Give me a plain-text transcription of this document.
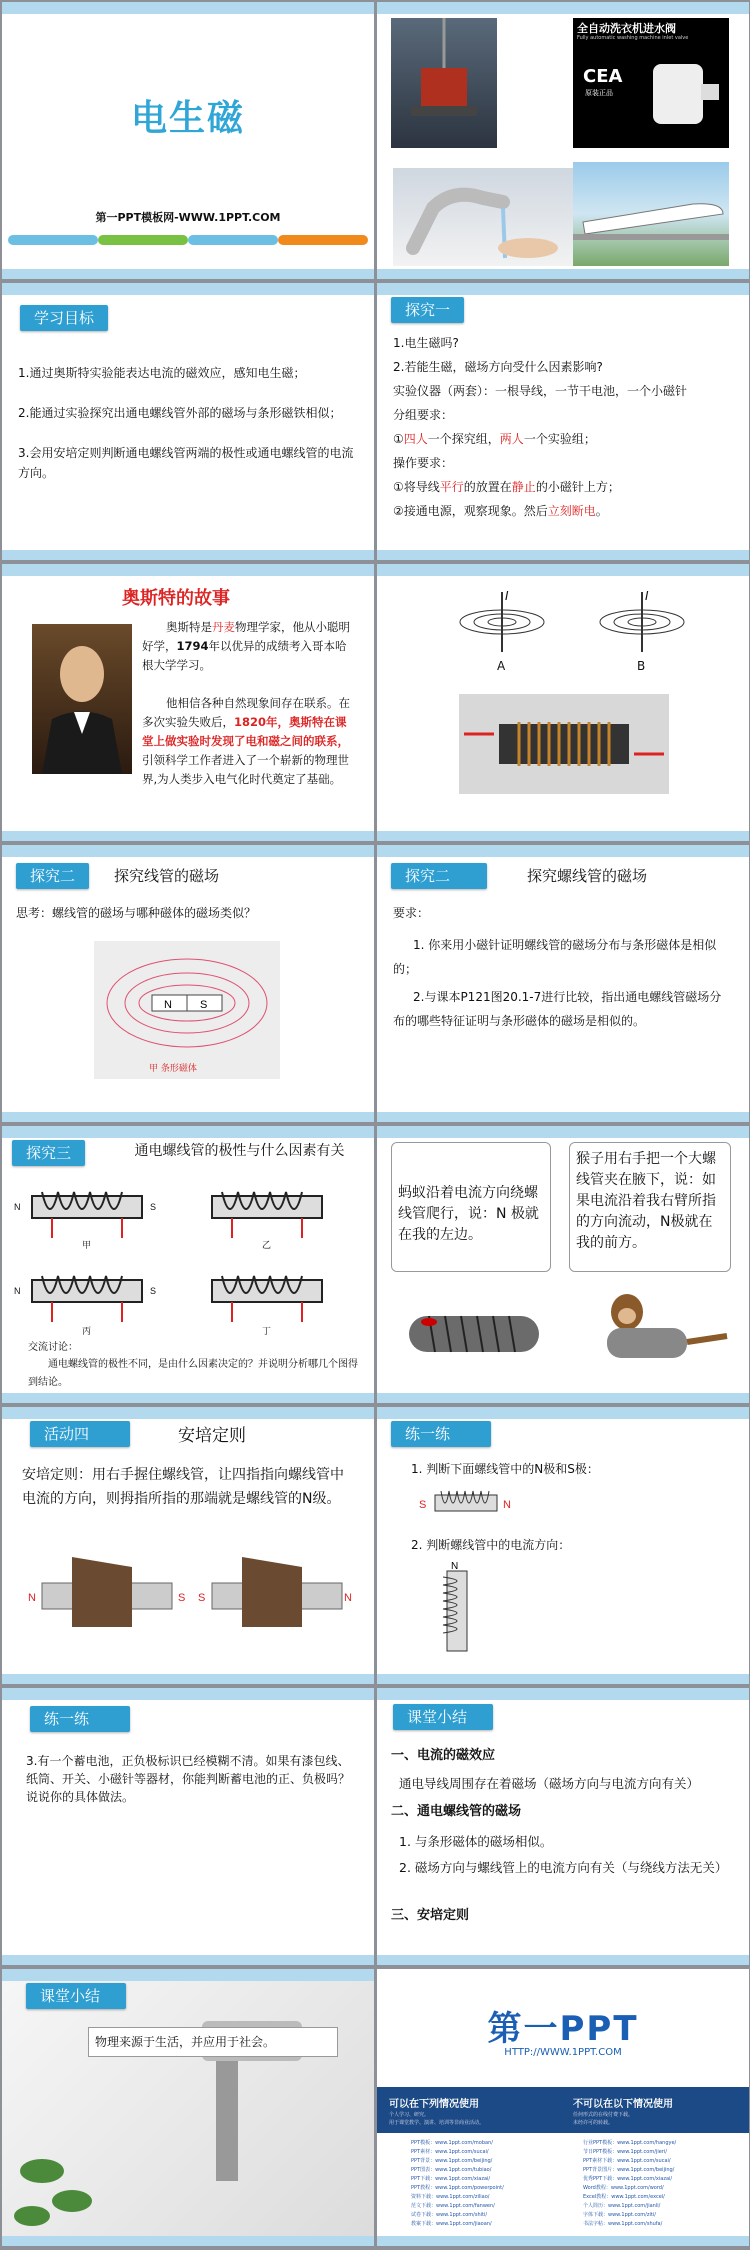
电生磁
第一PPT模板网-WWW.1PPT.COM
全自动洗衣机进水阀
Fully automatic washing machine inlet valve
CEA
原装正品
学习目标
1.通过奥斯特实验能表达电流的磁效应，感知电生磁；
2.能通过实验探究出通电螺线管外部的磁场与条形磁铁相似；
3.会用安培定则判断通电螺线管两端的极性或通电螺线管的电流方向。
探究一
1.电生磁吗?
2.若能生磁，磁场方向受什么因素影响?
实验仪器（两套）：一根导线，一节干电池，一个小磁针
分组要求：
①四人一个探究组，两人一个实验组；
操作要求：
①将导线平行的放置在静止的小磁针上方；
②接通电源，观察现象。然后立刻断电。
奥斯特的故事
奥斯特是丹麦物理学家，他从小聪明好学，1794年以优异的成绩考入哥本哈根大学学习。
他相信各种自然现象间存在联系。在多次实验失败后，1820年，奥斯特在课堂上做实验时发现了电和磁之间的联系，引领科学工作者进入了一个崭新的物理世界,为人类步入电气化时代奠定了基础。
I
A
I
B
探究二	探究线管的磁场
思考：螺线管的磁场与哪种磁体的磁场类似？
N	S
甲 条形磁体
探究二	探究螺线管的磁场
要求：
1. 你来用小磁针证明螺线管的磁场分布与条形磁体是相似的；
2.与课本P121图20.1-7进行比较，指出通电螺线管磁场分布的哪些特征证明与条形磁体的磁场是相似的。
探究三	通电螺线管的极性与什么因素有关
N	S
N	S
甲	乙
丙	丁
交流讨论：
通电螺线管的极性不同，是由什么因素决定的？并说明分析哪几个图得到结论。
蚂蚁沿着电流方向绕螺线管爬行，说：N 极就在我的左边。
猴子用右手把一个大螺线管夹在腋下，说：如果电流沿着我右臂所指的方向流动，N极就在我的前方。
活动四	安培定则
安培定则：用右手握住螺线管，让四指指向螺线管中电流的方向，则拇指所指的那端就是螺线管的N级。
N	S S	N
练一练
1. 判断下面螺线管中的N极和S极：
S	N
2. 判断螺线管中的电流方向：
N
练一练
3.有一个蓄电池，正负极标识已经模糊不清。如果有漆包线、纸筒、开关、小磁针等器材，你能判断蓄电池的正、负极吗？说说你的具体做法。
课堂小结
一、电流的磁效应
通电导线周围存在着磁场（磁场方向与电流方向有关）
二、通电螺线管的磁场
1. 与条形磁体的磁场相似。
2. 磁场方向与螺线管上的电流方向有关（与绕线方法无关）
三、安培定则
课堂小结
物理来源于生活，并应用于社会。	第一PPT
HTTP://WWW.1PPT.COM
可以在下列情况使用	不可以在以下情况使用
个人学习、研究。
用于课堂教学、演讲、培训等非商业活动。
任何形式的在线付费下载。
未经许可的转载。
PPT模板：www.1ppt.com/moban/
PPT素材：www.1ppt.com/sucai/
PPT背景：www.1ppt.com/beijing/
PPT图表：www.1ppt.com/tubiao/
PPT下载：www.1ppt.com/xiazai/
PPT教程：www.1ppt.com/powerpoint/
资料下载：www.1ppt.com/ziliao/
范文下载：www.1ppt.com/fanwen/
试卷下载：www.1ppt.com/shiti/
教案下载：www.1ppt.com/jiaoan/
行业PPT模板：www.1ppt.com/hangye/
节日PPT模板：www.1ppt.com/jieri/
PPT素材下载：www.1ppt.com/sucai/
PPT背景图片：www.1ppt.com/beijing/
优秀PPT下载：www.1ppt.com/xiazai/
Word教程：www.1ppt.com/word/
Excel教程：www.1ppt.com/excel/
个人简历：www.1ppt.com/jianli/
字体下载：www.1ppt.com/ziti/
书法字帖：www.1ppt.com/shufa/
